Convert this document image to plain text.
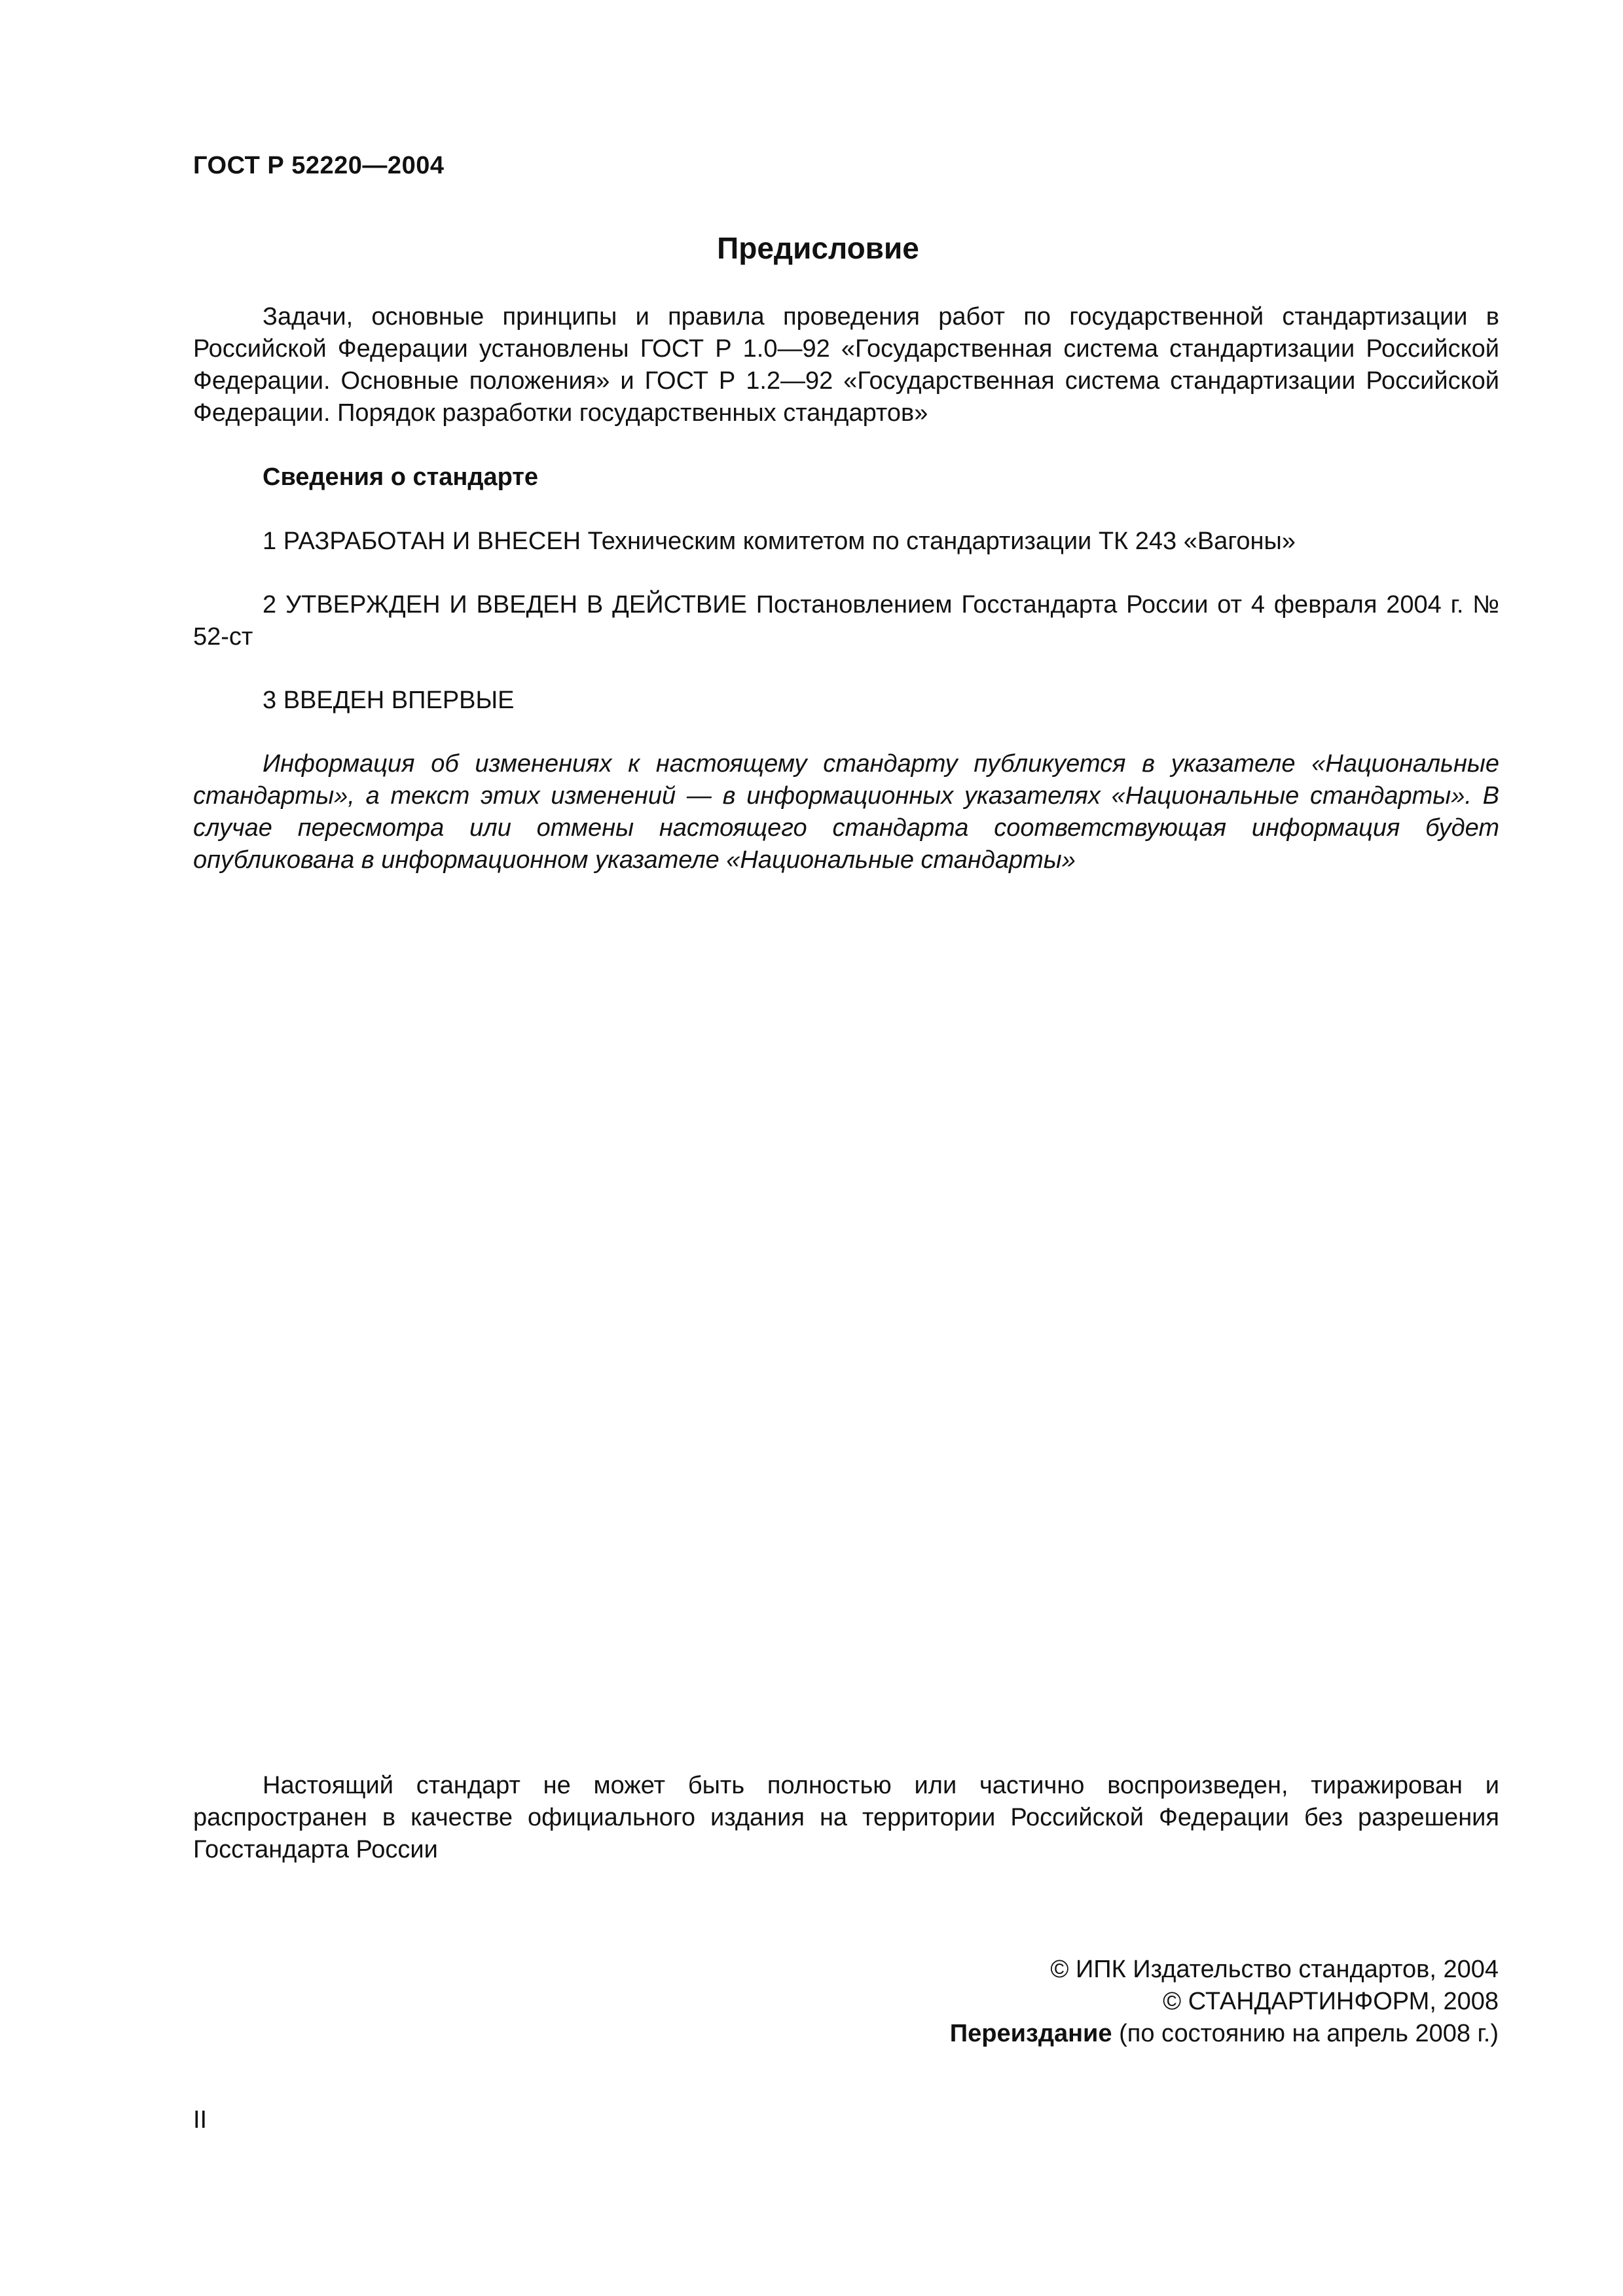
ГОСТ Р 52220—2004

Предисловие

Задачи, основные принципы и правила проведения работ по государственной стандартизации в Российской Федерации установлены ГОСТ Р 1.0—92 «Государственная система стандартизации Российской Федерации. Основные положения» и ГОСТ Р 1.2—92 «Государственная система стандартизации Российской Федерации. Порядок разработки государственных стандартов»

Сведения о стандарте

1 РАЗРАБОТАН И ВНЕСЕН Техническим комитетом по стандартизации ТК 243 «Вагоны»

2 УТВЕРЖДЕН И ВВЕДЕН В ДЕЙСТВИЕ Постановлением Госстандарта России от 4 февраля 2004 г. № 52-ст

3 ВВЕДЕН ВПЕРВЫЕ

Информация об изменениях к настоящему стандарту публикуется в указателе «Национальные стандарты», а текст этих изменений — в информационных указателях «Национальные стандарты». В случае пересмотра или отмены настоящего стандарта соответствующая информация будет опубликована в информационном указателе «Национальные стандарты»

Настоящий стандарт не может быть полностью или частично воспроизведен, тиражирован и распространен в качестве официального издания на территории Российской Федерации без разрешения Госстандарта России

© ИПК Издательство стандартов, 2004
© СТАНДАРТИНФОРМ, 2008
Переиздание (по состоянию на апрель 2008 г.)

II
